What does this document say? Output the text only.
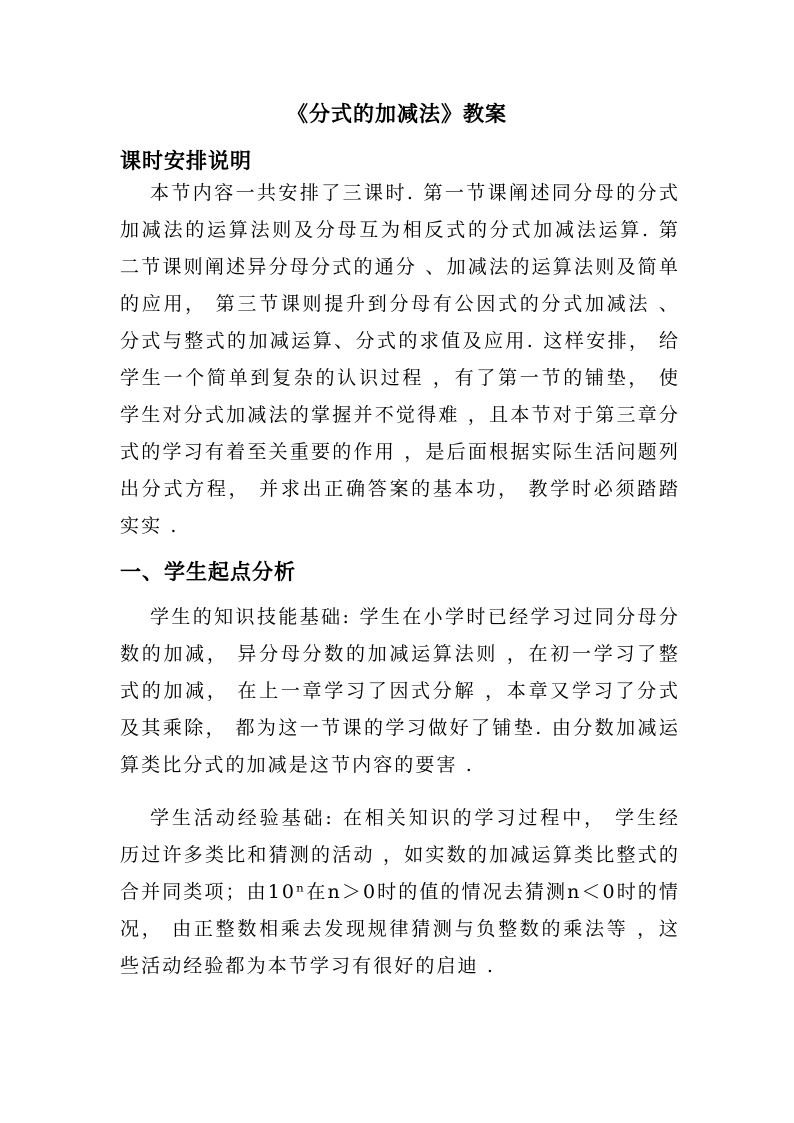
《分式的加减法》教案
课时安排说明

本节内容一共安排了三课时. 第一节课阐述同分母的分式加减法的运算法则及分母互为相反式的分式加减法运算. 第二节课则阐述异分母分式的通分 、加减法的运算法则及简单的应用， 第三节课则提升到分母有公因式的分式加减法 、分式与整式的加减运算、分式的求值及应用. 这样安排， 给学生一个简单到复杂的认识过程 ，有了第一节的铺垫， 使学生对分式加减法的掌握并不觉得难 ，且本节对于第三章分式的学习有着至关重要的作用 ，是后面根据实际生活问题列出分式方程， 并求出正确答案的基本功， 教学时必须踏踏实实 .

一、学生起点分析

学生的知识技能基础: 学生在小学时已经学习过同分母分数的加减， 异分母分数的加减运算法则 ，在初一学习了整式的加减， 在上一章学习了因式分解 ，本章又学习了分式及其乘除， 都为这一节课的学习做好了铺垫. 由分数加减运算类比分式的加减是这节内容的要害 .

学生活动经验基础: 在相关知识的学习过程中， 学生经历过许多类比和猜测的活动 ，如实数的加减运算类比整式的合并同类项；由10ⁿ在n＞0时的值的情况去猜测n＜0时的情况， 由正整数相乘去发现规律猜测与负整数的乘法等 ，这些活动经验都为本节学习有很好的启迪 .
